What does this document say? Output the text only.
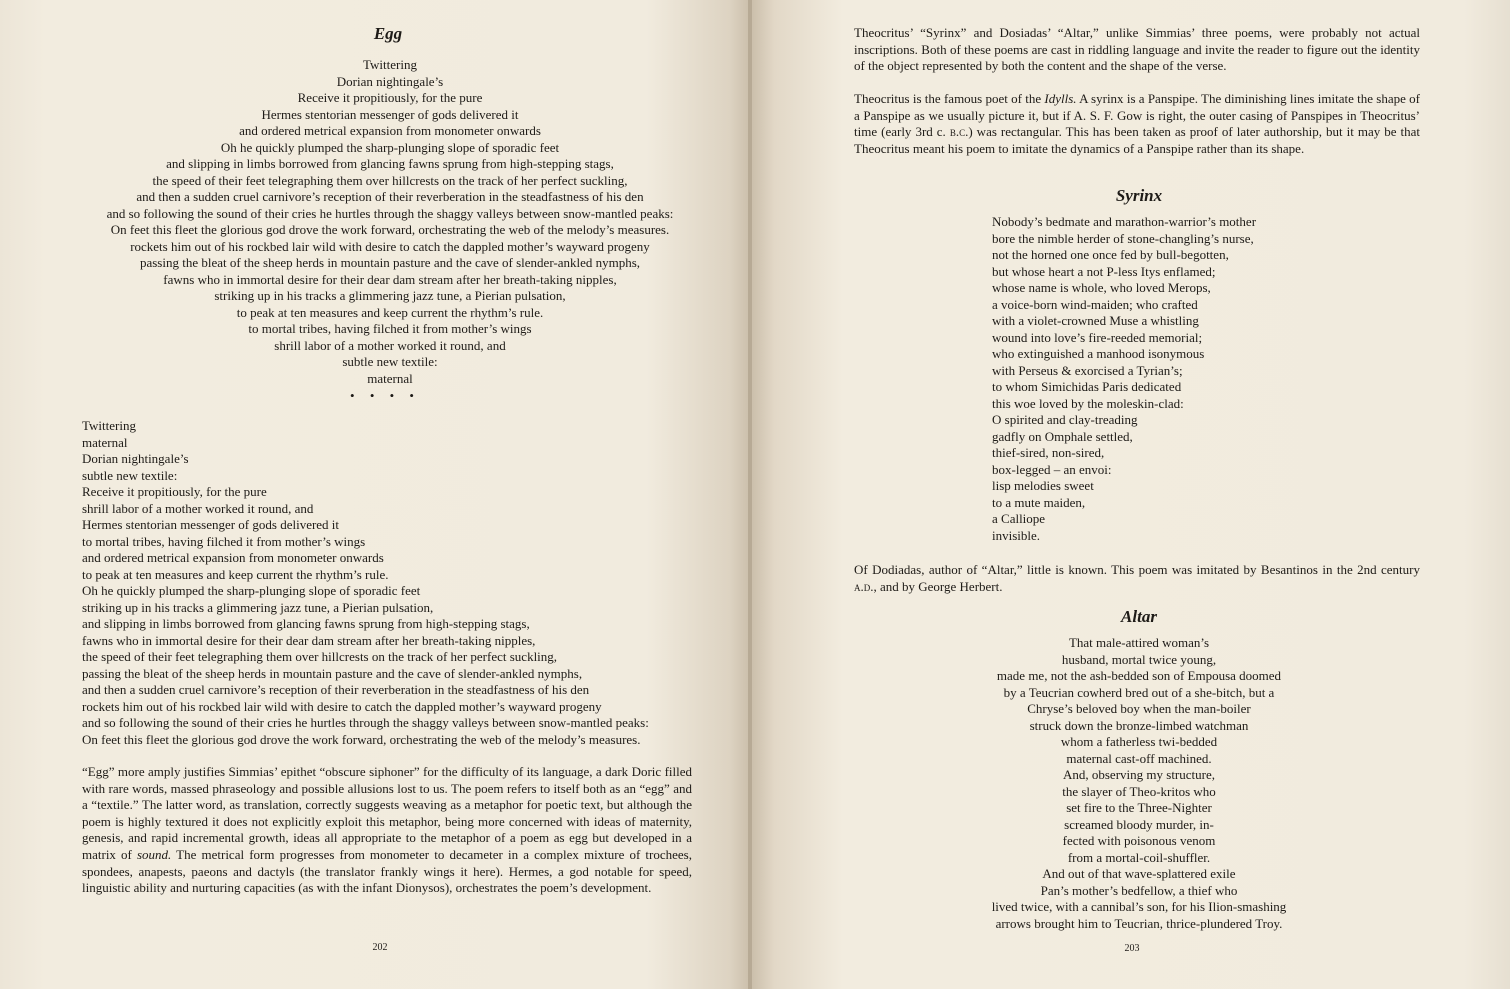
Egg
Twittering
Dorian nightingale’s
Receive it propitiously, for the pure
Hermes stentorian messenger of gods delivered it
and ordered metrical expansion from monometer onwards
Oh he quickly plumped the sharp-plunging slope of sporadic feet
and slipping in limbs borrowed from glancing fawns sprung from high-stepping stags,
the speed of their feet telegraphing them over hillcrests on the track of her perfect suckling,
and then a sudden cruel carnivore’s reception of their reverberation in the steadfastness of his den
and so following the sound of their cries he hurtles through the shaggy valleys between snow-mantled peaks:
On feet this fleet the glorious god drove the work forward, orchestrating the web of the melody’s measures.
rockets him out of his rockbed lair wild with desire to catch the dappled mother’s wayward progeny
passing the bleat of the sheep herds in mountain pasture and the cave of slender-ankled nymphs,
fawns who in immortal desire for their dear dam stream after her breath-taking nipples,
striking up in his tracks a glimmering jazz tune, a Pierian pulsation,
to peak at ten measures and keep current the rhythm’s rule.
to mortal tribes, having filched it from mother’s wings
shrill labor of a mother worked it round, and
subtle new textile:
maternal
• • • •
Twittering
maternal
Dorian nightingale’s
subtle new textile:
Receive it propitiously, for the pure
shrill labor of a mother worked it round, and
Hermes stentorian messenger of gods delivered it
to mortal tribes, having filched it from mother’s wings
and ordered metrical expansion from monometer onwards
to peak at ten measures and keep current the rhythm’s rule.
Oh he quickly plumped the sharp-plunging slope of sporadic feet
striking up in his tracks a glimmering jazz tune, a Pierian pulsation,
and slipping in limbs borrowed from glancing fawns sprung from high-stepping stags,
fawns who in immortal desire for their dear dam stream after her breath-taking nipples,
the speed of their feet telegraphing them over hillcrests on the track of her perfect suckling,
passing the bleat of the sheep herds in mountain pasture and the cave of slender-ankled nymphs,
and then a sudden cruel carnivore’s reception of their reverberation in the steadfastness of his den
rockets him out of his rockbed lair wild with desire to catch the dappled mother’s wayward progeny
and so following the sound of their cries he hurtles through the shaggy valleys between snow-mantled peaks:
On feet this fleet the glorious god drove the work forward, orchestrating the web of the melody’s measures.

“Egg” more amply justifies Simmias’ epithet “obscure siphoner” for the difficulty of its language, a dark Doric filled with rare words, massed phraseology and possible allusions lost to us. The poem refers to itself both as an “egg” and a “textile.” The latter word, as translation, correctly suggests weaving as a metaphor for poetic text, but although the poem is highly textured it does not explicitly exploit this metaphor, being more concerned with ideas of maternity, genesis, and rapid incremental growth, ideas all appropriate to the metaphor of a poem as egg but developed in a matrix of sound. The metrical form progresses from monometer to decameter in a complex mixture of trochees, spondees, anapests, paeons and dactyls (the translator frankly wings it here). Hermes, a god notable for speed, linguistic ability and nurturing capacities (as with the infant Dionysos), orchestrates the poem’s development.

202

Theocritus’ “Syrinx” and Dosiadas’ “Altar,” unlike Simmias’ three poems, were probably not actual inscriptions. Both of these poems are cast in riddling language and invite the reader to figure out the identity of the object represented by both the content and the shape of the verse.

Theocritus is the famous poet of the Idylls. A syrinx is a Panspipe. The diminishing lines imitate the shape of a Panspipe as we usually picture it, but if A. S. F. Gow is right, the outer casing of Panspipes in Theocritus’ time (early 3rd c. b.c.) was rectangular. This has been taken as proof of later authorship, but it may be that Theocritus meant his poem to imitate the dynamics of a Panspipe rather than its shape.

Syrinx
Nobody’s bedmate and marathon-warrior’s mother
bore the nimble herder of stone-changling’s nurse,
not the horned one once fed by bull-begotten,
but whose heart a not P-less Itys enflamed;
whose name is whole, who loved Merops,
a voice-born wind-maiden; who crafted
with a violet-crowned Muse a whistling
wound into love’s fire-reeded memorial;
who extinguished a manhood isonymous
with Perseus & exorcised a Tyrian’s;
to whom Simichidas Paris dedicated
this woe loved by the moleskin-clad:
O spirited and clay-treading
gadfly on Omphale settled,
thief-sired, non-sired,
box-legged – an envoi:
lisp melodies sweet
to a mute maiden,
a Calliope
invisible.

Of Dodiadas, author of “Altar,” little is known. This poem was imitated by Besantinos in the 2nd century a.d., and by George Herbert.

Altar
That male-attired woman’s
husband, mortal twice young,
made me, not the ash-bedded son of Empousa doomed
by a Teucrian cowherd bred out of a she-bitch, but a
Chryse’s beloved boy when the man-boiler
struck down the bronze-limbed watchman
whom a fatherless twi-bedded
maternal cast-off machined.
And, observing my structure,
the slayer of Theo-kritos who
set fire to the Three-Nighter
screamed bloody murder, in-
fected with poisonous venom
from a mortal-coil-shuffler.
And out of that wave-splattered exile
Pan’s mother’s bedfellow, a thief who
lived twice, with a cannibal’s son, for his Ilion-smashing
arrows brought him to Teucrian, thrice-plundered Troy.
203
